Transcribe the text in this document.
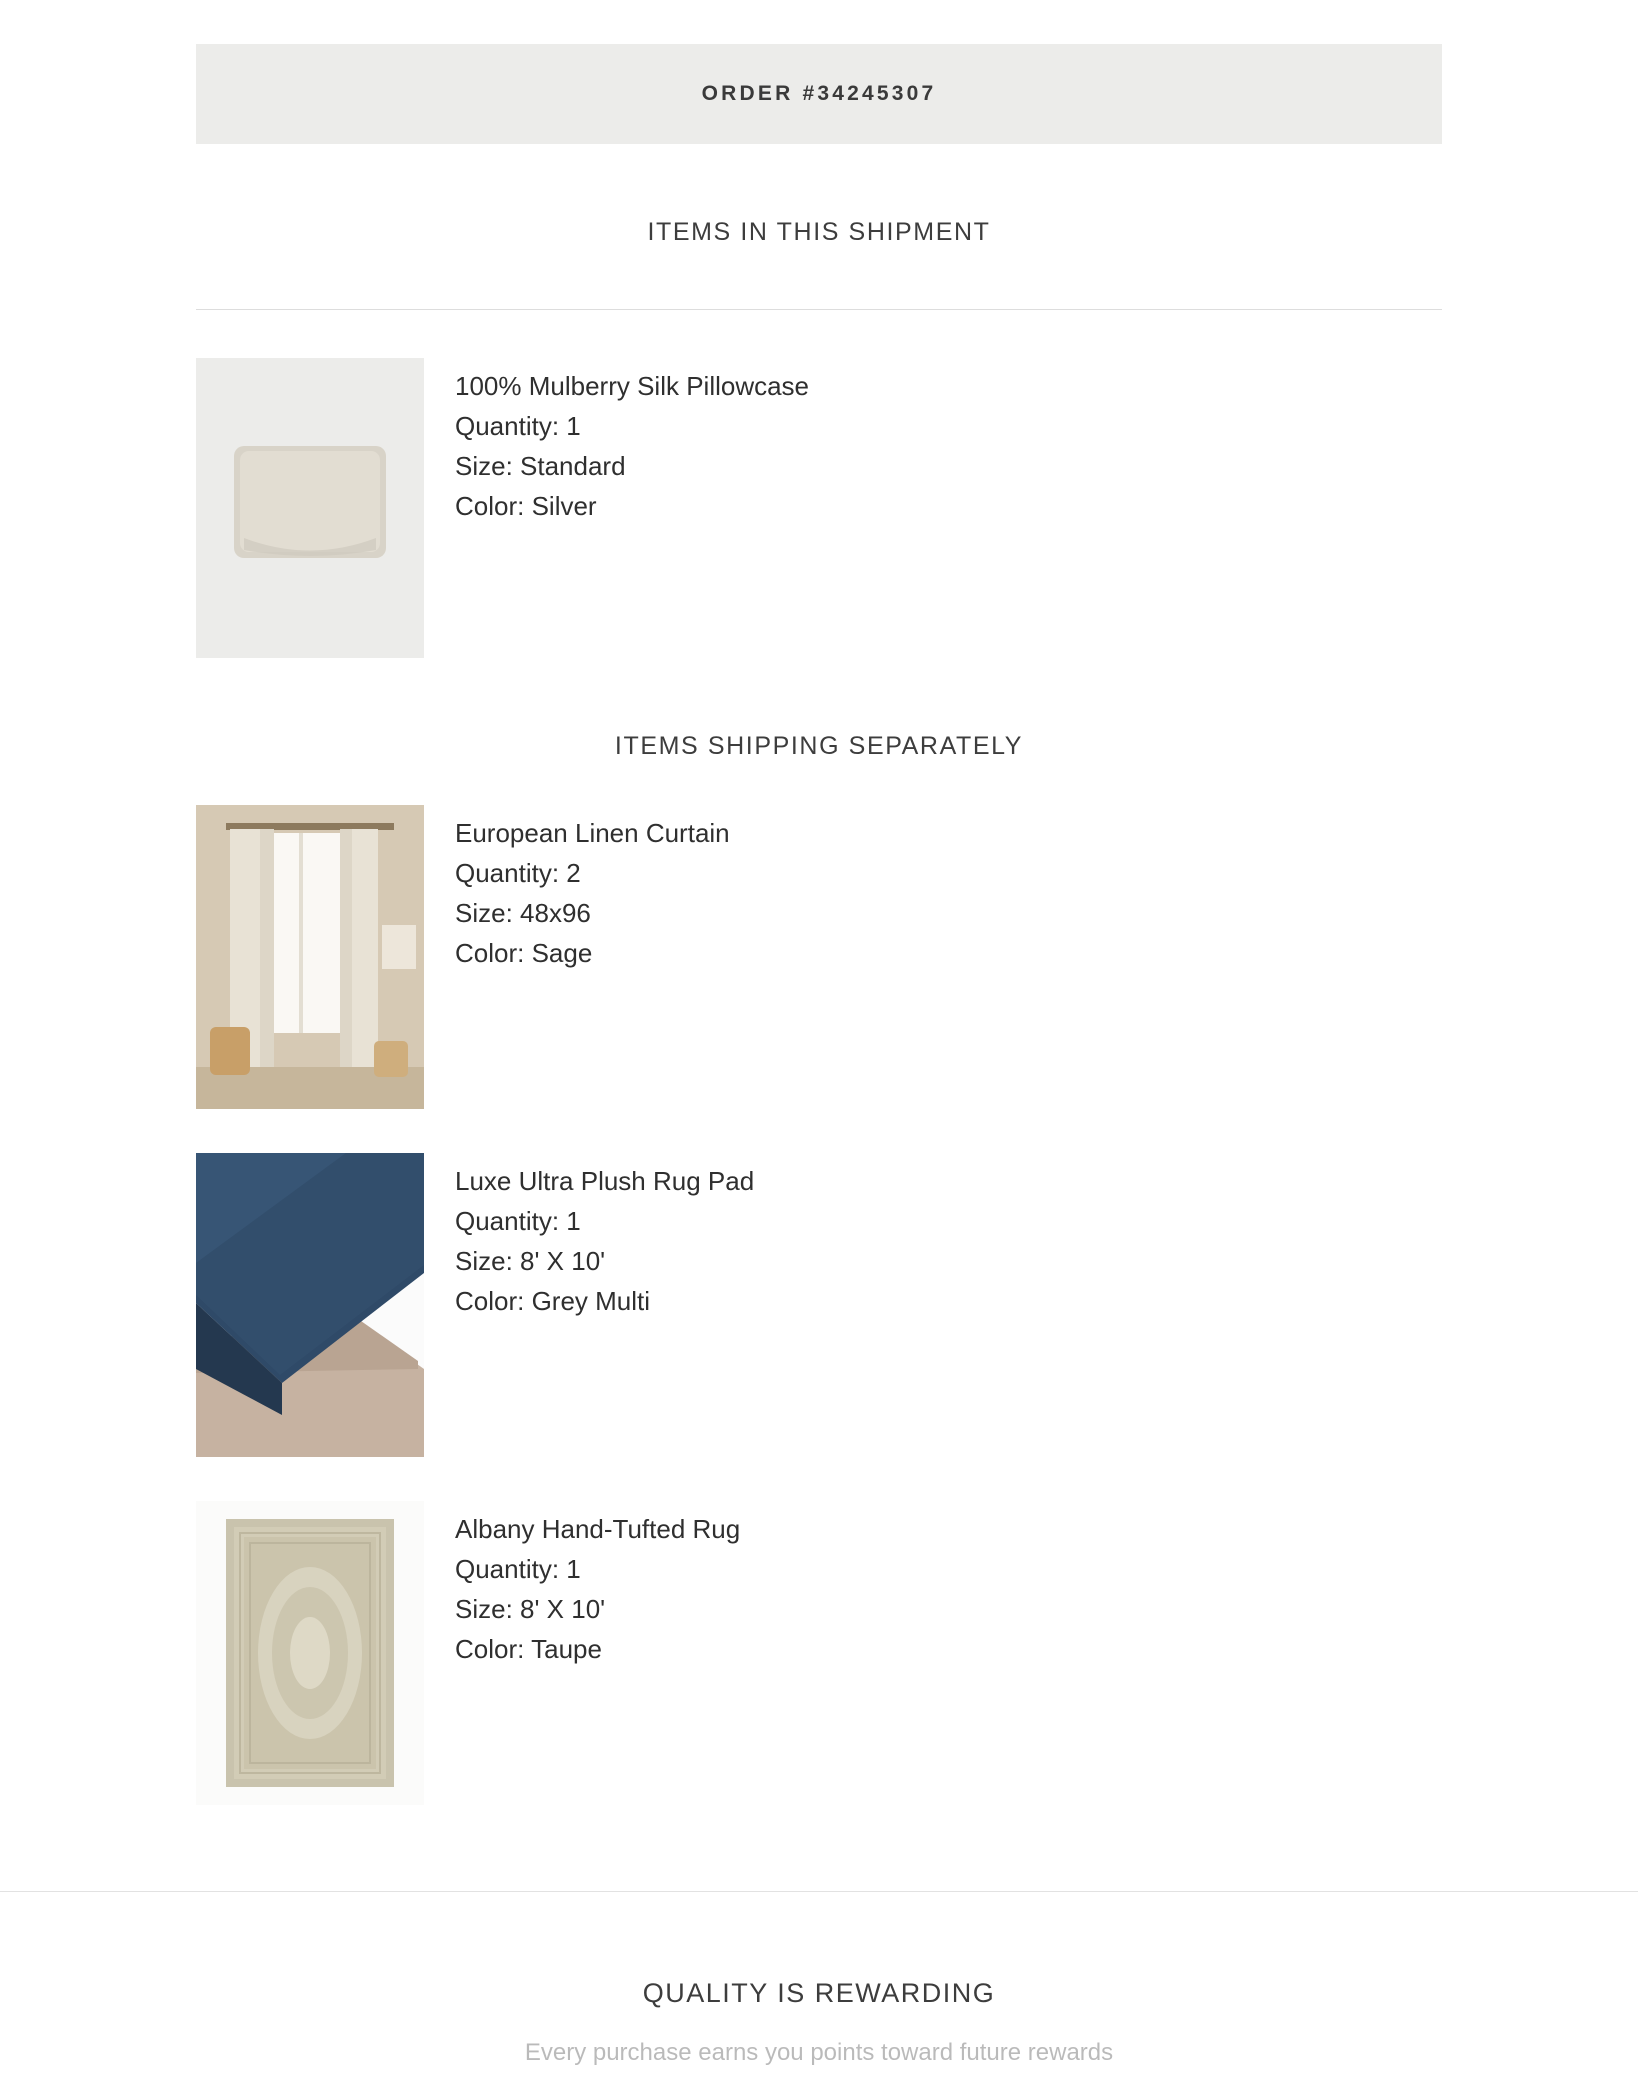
ORDER #34245307
ITEMS IN THIS SHIPMENT
100% Mulberry Silk Pillowcase
Quantity: 1
Size: Standard
Color: Silver
ITEMS SHIPPING SEPARATELY
European Linen Curtain
Quantity: 2
Size: 48x96
Color: Sage
Luxe Ultra Plush Rug Pad
Quantity: 1
Size: 8' X 10'
Color: Grey Multi
Albany Hand-Tufted Rug
Quantity: 1
Size: 8' X 10'
Color: Taupe
QUALITY IS REWARDING
Every purchase earns you points toward future rewards
